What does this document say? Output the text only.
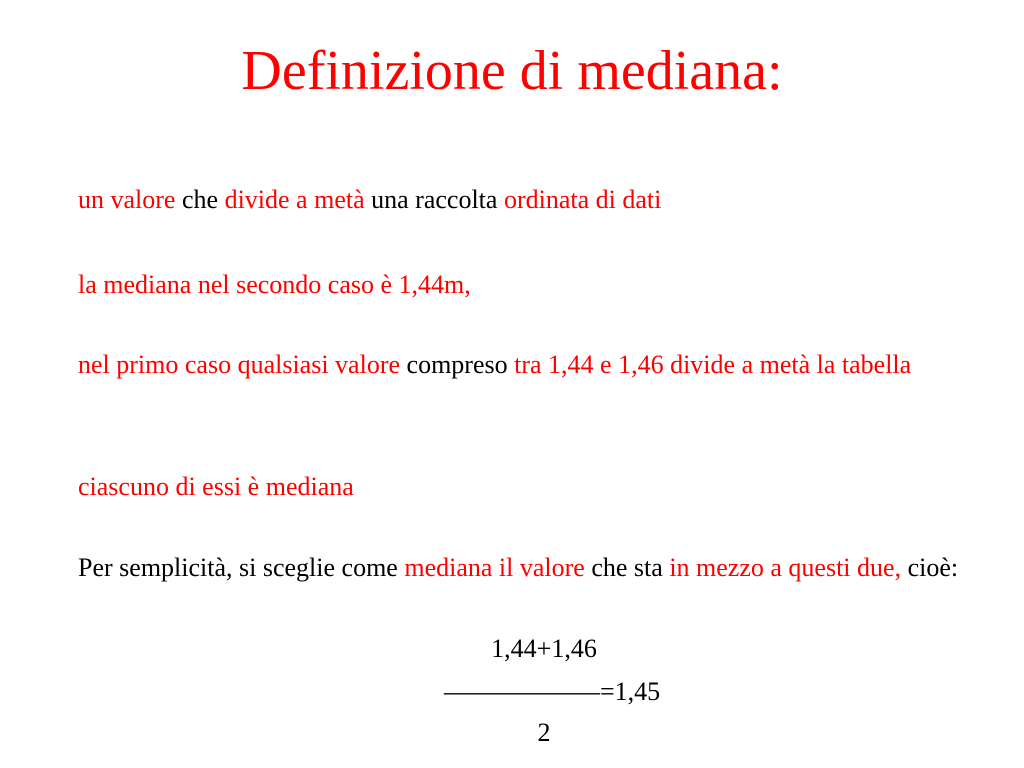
Definizione di mediana:

un valore che divide a metà una raccolta ordinata di dati

la mediana nel secondo caso è 1,44m,

nel primo caso qualsiasi valore compreso tra 1,44 e 1,46 divide a metà la tabella

ciascuno di essi è mediana

Per semplicità, si sceglie come mediana il valore che sta in mezzo a questi due, cioè:

1,44+1,46
——————=1,45
2
